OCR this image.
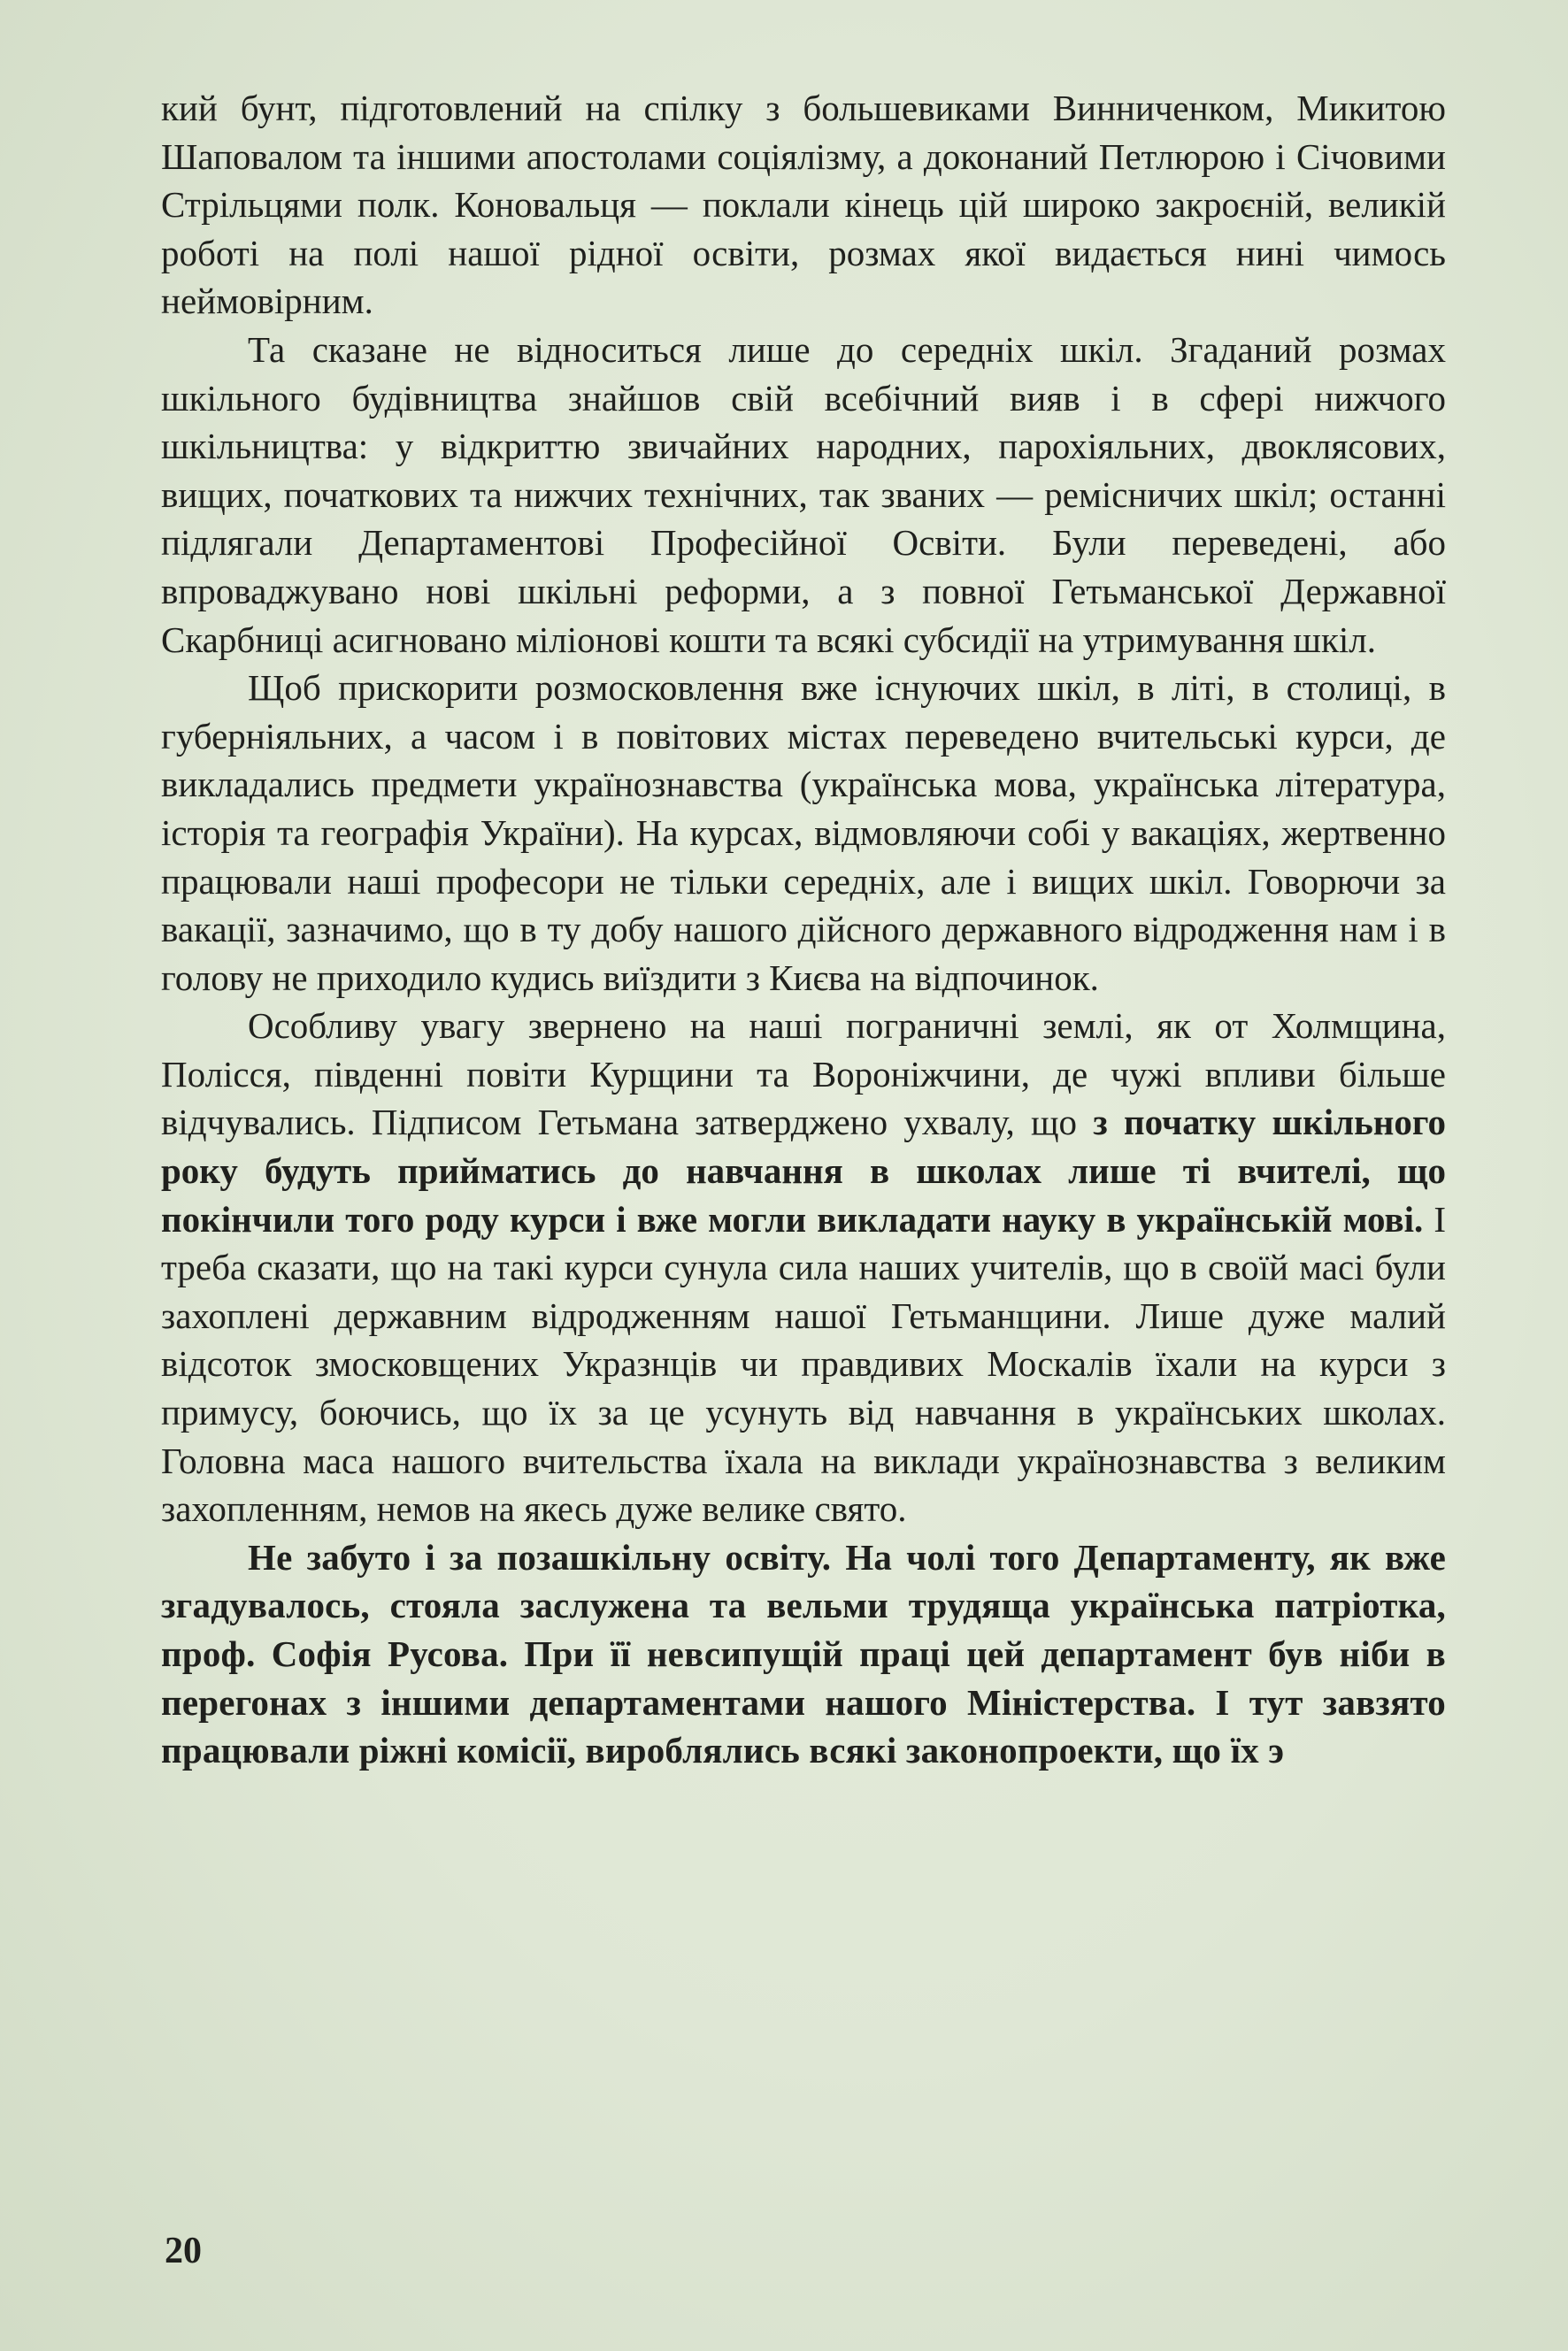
кий бунт, підготовлений на спілку з большевиками Винниченком, Микитою Шаповалом та іншими апостолами соціялізму, а доконаний Петлюрою і Січовими Стрільцями полк. Коновальця — поклали кінець цій широко закроєній, великій роботі на полі нашої рідної освіти, розмах якої видається нині чимось неймовірним.

Та сказане не відноситься лише до середніх шкіл. Згаданий розмах шкільного будівництва знайшов свій всебічний вияв і в сфері нижчого шкільництва: у відкриттю звичайних народних, парохіяльних, двоклясових, вищих, початкових та нижчих технічних, так званих — ремісничих шкіл; останні підлягали Департаментові Професійної Освіти. Були переведені, або впроваджувано нові шкільні реформи, а з повної Гетьманської Державної Скарбниці асигновано міліонові кошти та всякі субсидії на утримування шкіл.

Щоб прискорити розмосковлення вже існуючих шкіл, в літі, в столиці, в губерніяльних, а часом і в повітових містах переведено вчительські курси, де викладались предмети українознавства (українська мова, українська література, історія та географія України). На курсах, відмовляючи собі у вакаціях, жертвенно працювали наші професори не тільки середніх, але і вищих шкіл. Говорючи за вакації, зазначимо, що в ту добу нашого дійсного державного відродження нам і в голову не приходило кудись виїздити з Києва на відпочинок.

Особливу увагу звернено на наші пограничні землі, як от Холмщина, Полісся, південні повіти Курщини та Вороніжчини, де чужі впливи більше відчувались. Підписом Гетьмана затверджено ухвалу, що з початку шкільного року будуть прийматись до навчання в школах лише ті вчителі, що покінчили того роду курси і вже могли викладати науку в українській мові. І треба сказати, що на такі курси сунула сила наших учителів, що в своїй масі були захоплені державним відродженням нашої Гетьманщини. Лише дуже малий відсоток змосковщених Укразнців чи правдивих Москалів їхали на курси з примусу, боючись, що їх за це усунуть від навчання в українських школах. Головна маса нашого вчительства їхала на виклади українознавства з великим захопленням, немов на якесь дуже велике свято.

Не забуто і за позашкільну освіту. На чолі того Департаменту, як вже згадувалось, стояла заслужена та вельми трудяща українська патріотка, проф. Софія Русова. При її невсипущій праці цей департамент був ніби в перегонах з іншими департаментами нашого Міністерства. І тут завзято працювали ріжні комісії, вироблялись всякі законопроекти, що їх э

20
